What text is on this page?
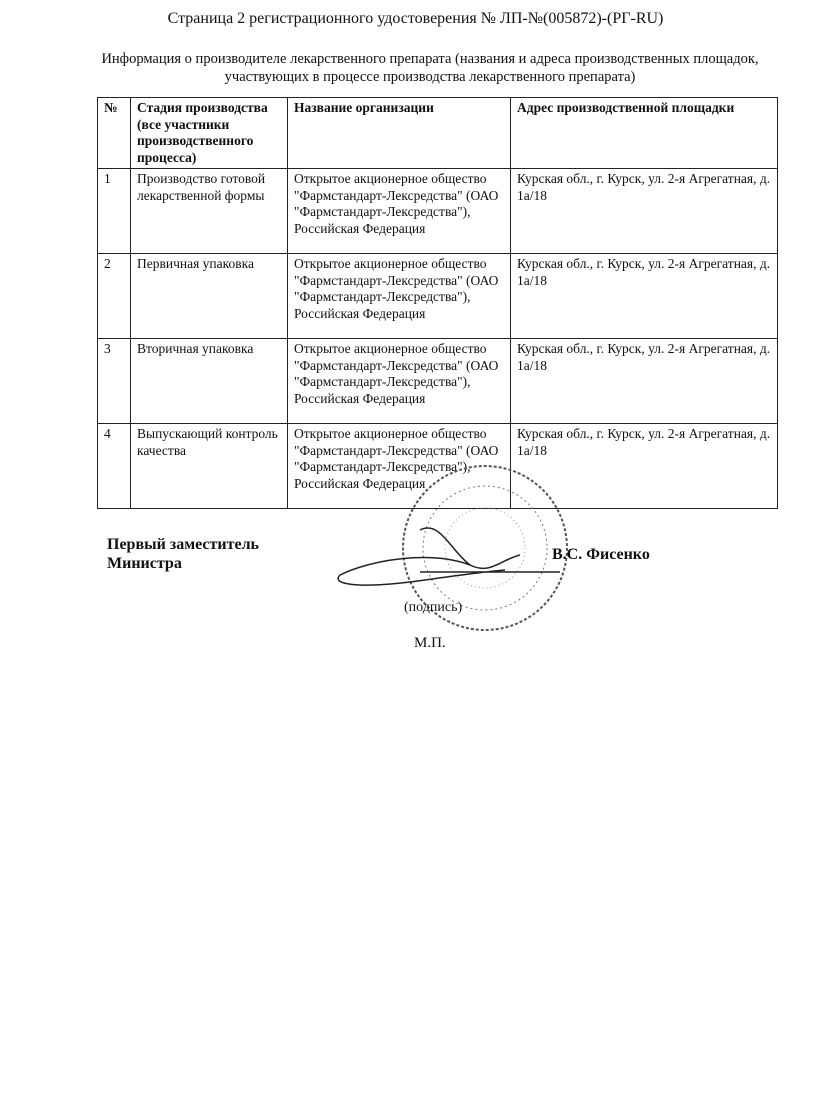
Страница 2 регистрационного удостоверения № ЛП-№(005872)-(РГ-RU)
Информация о производителе лекарственного препарата (названия и адреса производственных площадок, участвующих в процессе производства лекарственного препарата)
№	Стадия производства (все участники производственного процесса)	Название организации	Адрес производственной площадки
1	Производство готовой лекарственной формы	Открытое акционерное общество "Фармстандарт-Лексредства" (ОАО "Фармстандарт-Лексредства"), Российская Федерация	Курская обл., г. Курск, ул. 2-я Агрегатная, д. 1а/18
2	Первичная упаковка	Открытое акционерное общество "Фармстандарт-Лексредства" (ОАО "Фармстандарт-Лексредства"), Российская Федерация	Курская обл., г. Курск, ул. 2-я Агрегатная, д. 1а/18
3	Вторичная упаковка	Открытое акционерное общество "Фармстандарт-Лексредства" (ОАО "Фармстандарт-Лексредства"), Российская Федерация	Курская обл., г. Курск, ул. 2-я Агрегатная, д. 1а/18
4	Выпускающий контроль качества	Открытое акционерное общество "Фармстандарт-Лексредства" (ОАО "Фармстандарт-Лексредства"), Российская Федерация	Курская обл., г. Курск, ул. 2-я Агрегатная, д. 1а/18
Первый заместитель Министра
В.С. Фисенко
(подпись)
М.П.
